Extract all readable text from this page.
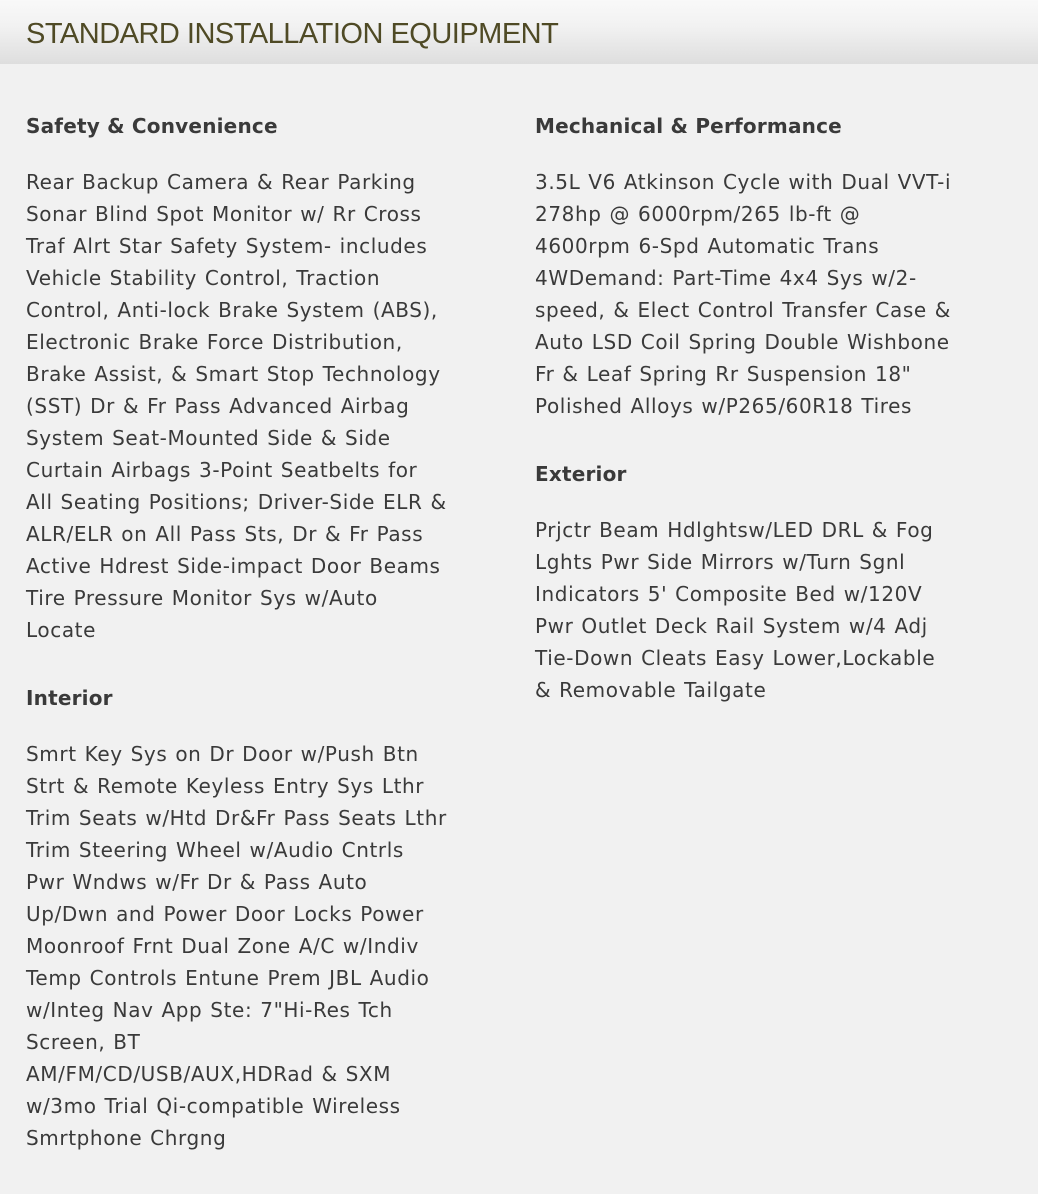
STANDARD INSTALLATION EQUIPMENT
Safety & Convenience

Rear Backup Camera & Rear Parking
Sonar Blind Spot Monitor w/ Rr Cross
Traf Alrt Star Safety System- includes
Vehicle Stability Control, Traction
Control, Anti-lock Brake System (ABS),
Electronic Brake Force Distribution,
Brake Assist, & Smart Stop Technology
(SST) Dr & Fr Pass Advanced Airbag
System Seat-Mounted Side & Side
Curtain Airbags 3-Point Seatbelts for
All Seating Positions; Driver-Side ELR &
ALR/ELR on All Pass Sts, Dr & Fr Pass
Active Hdrest Side-impact Door Beams
Tire Pressure Monitor Sys w/Auto
Locate

Interior

Smrt Key Sys on Dr Door w/Push Btn
Strt & Remote Keyless Entry Sys Lthr
Trim Seats w/Htd Dr&Fr Pass Seats Lthr
Trim Steering Wheel w/Audio Cntrls
Pwr Wndws w/Fr Dr & Pass Auto
Up/Dwn and Power Door Locks Power
Moonroof Frnt Dual Zone A/C w/Indiv
Temp Controls Entune Prem JBL Audio
w/Integ Nav App Ste: 7"Hi-Res Tch
Screen, BT
AM/FM/CD/USB/AUX,HDRad & SXM
w/3mo Trial Qi-compatible Wireless
Smrtphone Chrgng

Mechanical & Performance

3.5L V6 Atkinson Cycle with Dual VVT-i
278hp @ 6000rpm/265 lb-ft @
4600rpm 6-Spd Automatic Trans
4WDemand: Part-Time 4x4 Sys w/2-
speed, & Elect Control Transfer Case &
Auto LSD Coil Spring Double Wishbone
Fr & Leaf Spring Rr Suspension 18"
Polished Alloys w/P265/60R18 Tires

Exterior

Prjctr Beam Hdlghtsw/LED DRL & Fog
Lghts Pwr Side Mirrors w/Turn Sgnl
Indicators 5' Composite Bed w/120V
Pwr Outlet Deck Rail System w/4 Adj
Tie-Down Cleats Easy Lower,Lockable
& Removable Tailgate
